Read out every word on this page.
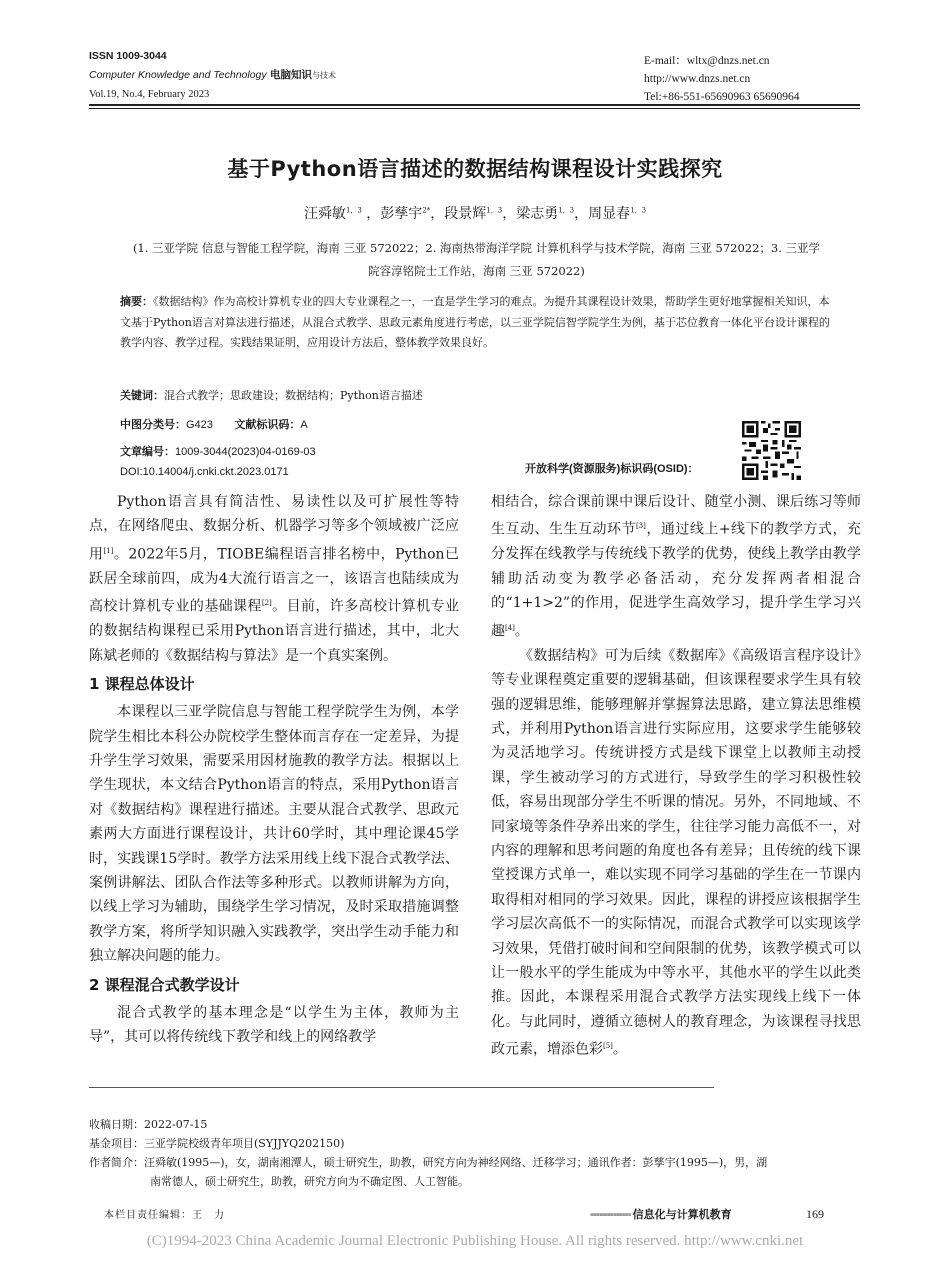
ISSN 1009-3044
Computer Knowledge and Technology 电脑知识与技术
Vol.19, No.4, February 2023
E-mail：wltx@dnzs.net.cn
http://www.dnzs.net.cn
Tel:+86-551-65690963 65690964
基于Python语言描述的数据结构课程设计实践探究
汪舜敏$^{1,3}$ ，彭孳宇$^{2*}$，段景辉$^{1,3}$，梁志勇$^{1,3}$，周显春$^{1,3}$
(1. 三亚学院 信息与智能工程学院，海南 三亚 572022；2. 海南热带海洋学院 计算机科学与技术学院，海南 三亚 572022；3. 三亚学
院容淳铭院士工作站，海南 三亚 572022)
摘要：《数据结构》作为高校计算机专业的四大专业课程之一，一直是学生学习的难点。为提升其课程设计效果，帮助学生更好地掌握相关知识，本文基于Python语言对算法进行描述，从混合式教学、思政元素角度进行考虑，以三亚学院信智学院学生为例，基于芯位教育一体化平台设计课程的教学内容、教学过程。实践结果证明，应用设计方法后，整体教学效果良好。
关键词：混合式教学；思政建设；数据结构；Python语言描述
中图分类号：G423 文献标识码：A
文章编号：1009-3044(2023)04-0169-03
DOI:10.14004/j.cnki.ckt.2023.0171	开放科学(资源服务)标识码(OSID)：

Python语言具有简洁性、易读性以及可扩展性等特点，在网络爬虫、数据分析、机器学习等多个领域被广泛应用[1]。2022年5月，TIOBE编程语言排名榜中，Python已跃居全球前四，成为4大流行语言之一，该语言也陆续成为高校计算机专业的基础课程[2]。目前，许多高校计算机专业的数据结构课程已采用Python语言进行描述，其中，北大陈斌老师的《数据结构与算法》是一个真实案例。

1 课程总体设计

本课程以三亚学院信息与智能工程学院学生为例，本学院学生相比本科公办院校学生整体而言存在一定差异，为提升学生学习效果，需要采用因材施教的教学方法。根据以上学生现状，本文结合Python语言的特点，采用Python语言对《数据结构》课程进行描述。主要从混合式教学、思政元素两大方面进行课程设计，共计60学时，其中理论课45学时，实践课15学时。教学方法采用线上线下混合式教学法、案例讲解法、团队合作法等多种形式。以教师讲解为方向，以线上学习为辅助，围绕学生学习情况，及时采取措施调整教学方案，将所学知识融入实践教学，突出学生动手能力和独立解决问题的能力。

2 课程混合式教学设计

混合式教学的基本理念是“以学生为主体，教师为主导”，其可以将传统线下教学和线上的网络教学

相结合，综合课前课中课后设计、随堂小测、课后练习等师生互动、生生互动环节[3]，通过线上+线下的教学方式，充分发挥在线教学与传统线下教学的优势，使线上教学由教学辅助活动变为教学必备活动，充分发挥两者相混合的“1+1>2”的作用，促进学生高效学习，提升学生学习兴趣[4]。

《数据结构》可为后续《数据库》《高级语言程序设计》等专业课程奠定重要的逻辑基础，但该课程要求学生具有较强的逻辑思维，能够理解并掌握算法思路，建立算法思维模式，并利用Python语言进行实际应用，这要求学生能够较为灵活地学习。传统讲授方式是线下课堂上以教师主动授课，学生被动学习的方式进行，导致学生的学习积极性较低，容易出现部分学生不听课的情况。另外，不同地域、不同家境等条件孕养出来的学生，往往学习能力高低不一，对内容的理解和思考问题的角度也各有差异；且传统的线下课堂授课方式单一，难以实现不同学习基础的学生在一节课内取得相对相同的学习效果。因此，课程的讲授应该根据学生学习层次高低不一的实际情况，而混合式教学可以实现该学习效果，凭借打破时间和空间限制的优势，该教学模式可以让一般水平的学生能成为中等水平，其他水平的学生以此类推。因此，本课程采用混合式教学方法实现线上线下一体化。与此同时，遵循立德树人的教育理念，为该课程寻找思政元素，增添色彩[5]。

收稿日期：2022-07-15
基金项目：三亚学院校级青年项目(SYJJYQ202150)
作者简介：汪舜敏(1995—)，女，湖南湘潭人，硕士研究生，助教，研究方向为神经网络、迁移学习；通讯作者：彭孳宇(1995—)，男，湖
南常德人，硕士研究生，助教，研究方向为不确定图、人工智能。
本栏目责任编辑：王　力	▪▪▪▪▪▪▪▪▪▪▪▪▪▪ 信息化与计算机教育	169
(C)1994-2023 China Academic Journal Electronic Publishing House. All rights reserved. http://www.cnki.net
